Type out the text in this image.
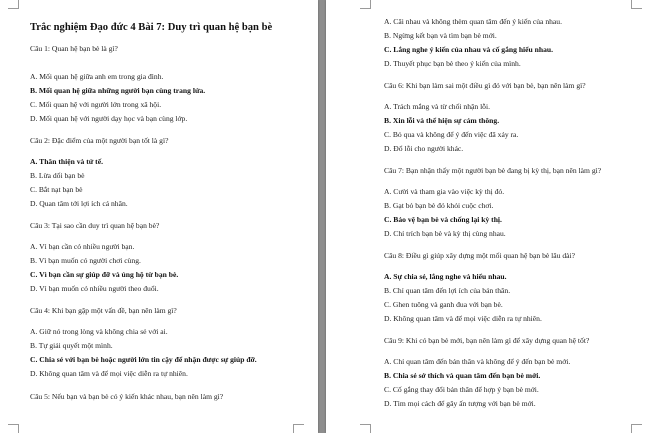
Trắc nghiệm Đạo đức 4 Bài 7: Duy trì quan hệ bạn bè
Câu 1: Quan hệ bạn bè là gì?
A. Mối quan hệ giữa anh em trong gia đình.
B. Mối quan hệ giữa những người bạn cùng trang lứa.
C. Mối quan hệ với người lớn trong xã hội.
D. Mối quan hệ với người dạy học và bạn cùng lớp.
Câu 2: Đặc điểm của một người bạn tốt là gì?
A. Thân thiện và tử tế.
B. Lừa dối bạn bè
C. Bắt nạt bạn bè
D. Quan tâm tới lợi ích cá nhân.
Câu 3: Tại sao cần duy trì quan hệ bạn bè?
A. Vì bạn cần có nhiều người bạn.
B. Vì bạn muốn có người chơi cùng.
C. Vì bạn cần sự giúp đỡ và ủng hộ từ bạn bè.
D. Vì bạn muốn có nhiều người theo đuổi.
Câu 4: Khi bạn gặp một vấn đề, bạn nên làm gì?
A. Giữ nó trong lòng và không chia sẻ với ai.
B. Tự giải quyết một mình.
C. Chia sẻ với bạn bè hoặc người lớn tin cậy để nhận được sự giúp đỡ.
D. Không quan tâm và để mọi việc diễn ra tự nhiên.
Câu 5: Nếu bạn và bạn bè có ý kiến khác nhau, bạn nên làm gì?
A. Cãi nhau và không thèm quan tâm đến ý kiến của nhau.
B. Ngừng kết bạn và tìm bạn bè mới.
C. Lắng nghe ý kiến của nhau và cố gắng hiểu nhau.
D. Thuyết phục bạn bè theo ý kiến của mình.
Câu 6: Khi bạn làm sai một điều gì đó với bạn bè, bạn nên làm gì?
A. Trách mắng và từ chối nhận lỗi.
B. Xin lỗi và thể hiện sự cảm thông.
C. Bỏ qua và không để ý đến việc đã xảy ra.
D. Đổ lỗi cho người khác.
Câu 7: Bạn nhận thấy một người bạn bè đang bị kỳ thị, bạn nên làm gì?
A. Cười và tham gia vào việc kỳ thị đó.
B. Gạt bỏ bạn bè đó khỏi cuộc chơi.
C. Bảo vệ bạn bè và chống lại kỳ thị.
D. Chỉ trích bạn bè và kỳ thị cùng nhau.
Câu 8: Điều gì giúp xây dựng một mối quan hệ bạn bè lâu dài?
A. Sự chia sẻ, lắng nghe và hiểu nhau.
B. Chỉ quan tâm đến lợi ích của bản thân.
C. Ghen tuông và ganh đua với bạn bè.
D. Không quan tâm và để mọi việc diễn ra tự nhiên.
Câu 9: Khi có bạn bè mới, bạn nên làm gì để xây dựng quan hệ tốt?
A. Chỉ quan tâm đến bản thân và không để ý đến bạn bè mới.
B. Chia sẻ sở thích và quan tâm đến bạn bè mới.
C. Cố gắng thay đổi bản thân để hợp ý bạn bè mới.
D. Tìm mọi cách để gây ấn tượng với bạn bè mới.
